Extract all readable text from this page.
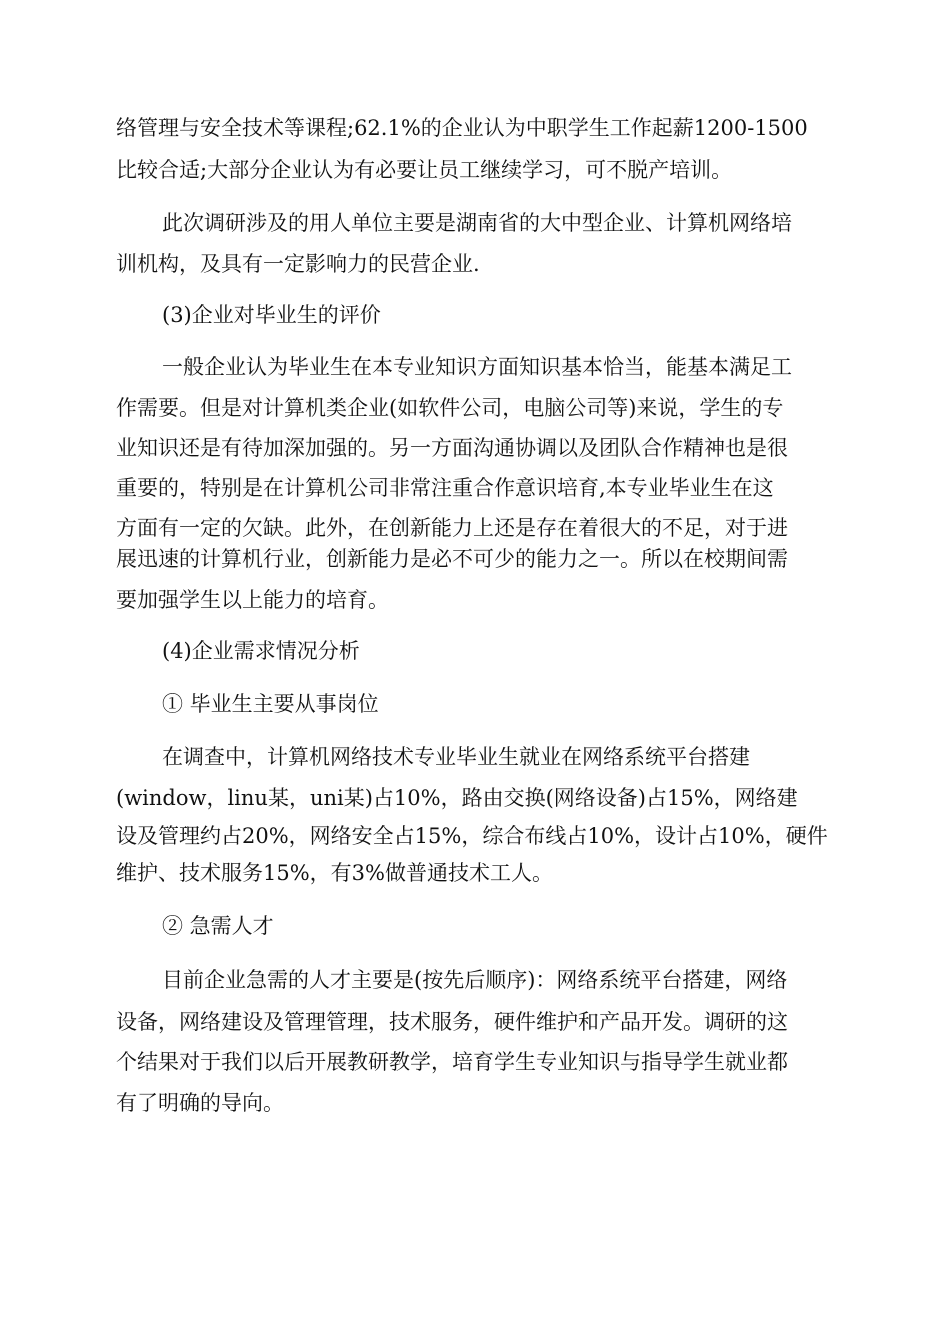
络管理与安全技术等课程;62.1%的企业认为中职学生工作起薪1200-1500

比较合适;大部分企业认为有必要让员工继续学习，可不脱产培训。

此次调研涉及的用人单位主要是湖南省的大中型企业、计算机网络培

训机构，及具有一定影响力的民营企业.

(3)企业对毕业生的评价

一般企业认为毕业生在本专业知识方面知识基本恰当，能基本满足工

作需要。但是对计算机类企业(如软件公司，电脑公司等)来说，学生的专

业知识还是有待加深加强的。另一方面沟通协调以及团队合作精神也是很

重要的，特别是在计算机公司非常注重合作意识培育,本专业毕业生在这

方面有一定的欠缺。此外，在创新能力上还是存在着很大的不足，对于进

展迅速的计算机行业，创新能力是必不可少的能力之一。所以在校期间需

要加强学生以上能力的培育。

(4)企业需求情况分析

① 毕业生主要从事岗位

在调查中，计算机网络技术专业毕业生就业在网络系统平台搭建

(window，linu某，uni某)占10%，路由交换(网络设备)占15%，网络建

设及管理约占20%，网络安全占15%，综合布线占10%，设计占10%，硬件

维护、技术服务15%，有3%做普通技术工人。

② 急需人才

目前企业急需的人才主要是(按先后顺序)：网络系统平台搭建，网络

设备，网络建设及管理管理，技术服务，硬件维护和产品开发。调研的这

个结果对于我们以后开展教研教学，培育学生专业知识与指导学生就业都

有了明确的导向。
